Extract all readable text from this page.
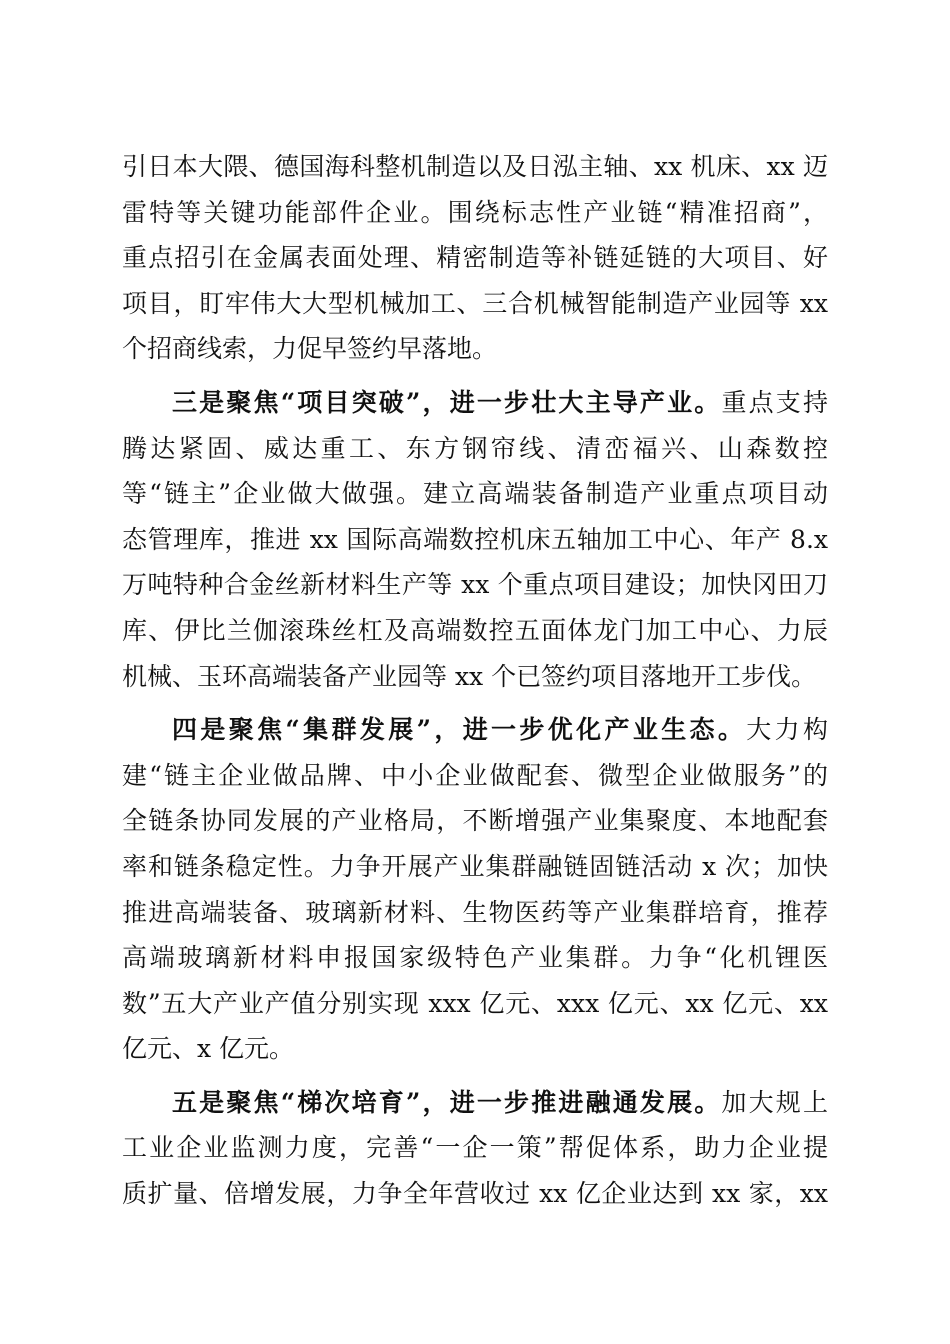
引日本大隈、德国海科整机制造以及日泓主轴、xx 机床、xx 迈
雷特等关键功能部件企业。围绕标志性产业链“精准招商”，
重点招引在金属表面处理、精密制造等补链延链的大项目、好
项目，盯牢伟大大型机械加工、三合机械智能制造产业园等 xx
个招商线索，力促早签约早落地。
三是聚焦“项目突破”，进一步壮大主导产业。重点支持
腾达紧固、威达重工、东方钢帘线、清峦福兴、山森数控
等“链主”企业做大做强。建立高端装备制造产业重点项目动
态管理库，推进 xx 国际高端数控机床五轴加工中心、年产 8.x
万吨特种合金丝新材料生产等 xx 个重点项目建设；加快冈田刀
库、伊比兰伽滚珠丝杠及高端数控五面体龙门加工中心、力辰
机械、玉环高端装备产业园等 xx 个已签约项目落地开工步伐。
四是聚焦“集群发展”，进一步优化产业生态。大力构
建“链主企业做品牌、中小企业做配套、微型企业做服务”的
全链条协同发展的产业格局，不断增强产业集聚度、本地配套
率和链条稳定性。力争开展产业集群融链固链活动 x 次；加快
推进高端装备、玻璃新材料、生物医药等产业集群培育，推荐
高端玻璃新材料申报国家级特色产业集群。力争“化机锂医
数”五大产业产值分别实现 xxx 亿元、xxx 亿元、xx 亿元、xx
亿元、x 亿元。
五是聚焦“梯次培育”，进一步推进融通发展。加大规上
工业企业监测力度，完善“一企一策”帮促体系，助力企业提
质扩量、倍增发展，力争全年营收过 xx 亿企业达到 xx 家，xx
